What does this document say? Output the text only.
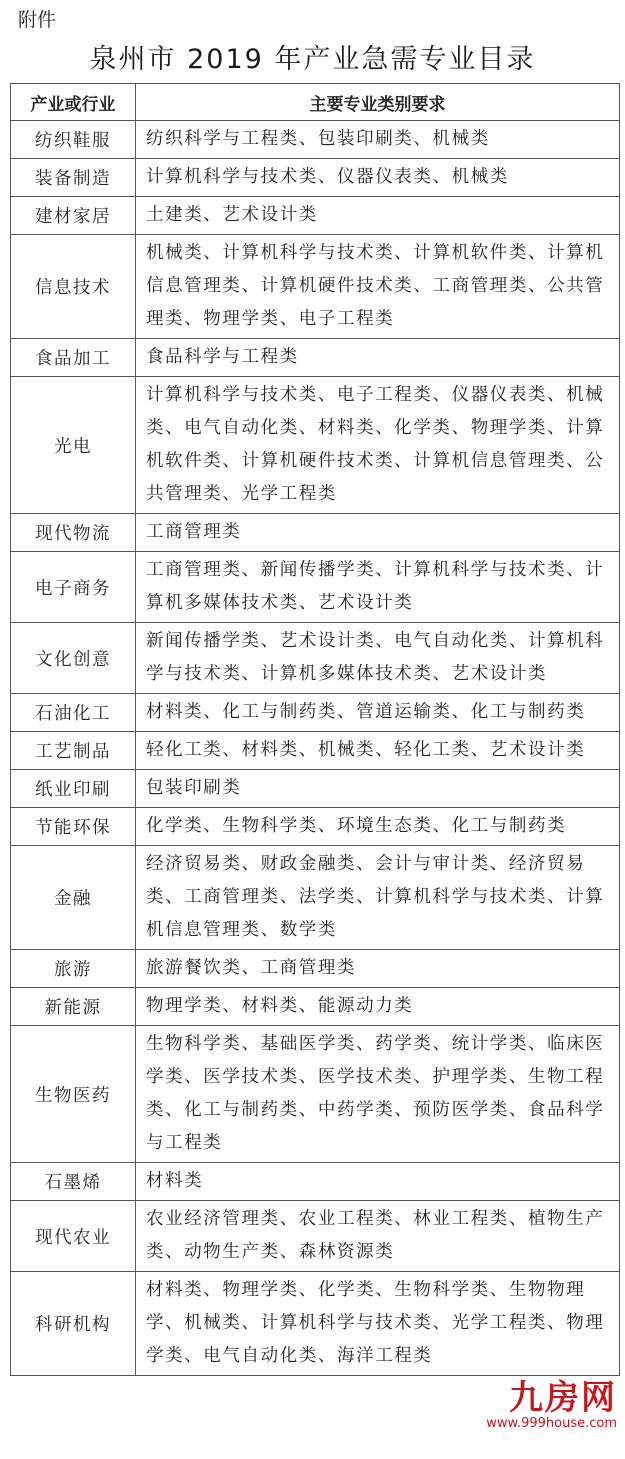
附件
泉州市 2019 年产业急需专业目录
产业或行业	主要专业类别要求
纺织鞋服	纺织科学与工程类、包装印刷类、机械类
装备制造	计算机科学与技术类、仪器仪表类、机械类
建材家居	土建类、艺术设计类
信息技术	机械类、计算机科学与技术类、计算机软件类、计算机信息管理类、计算机硬件技术类、工商管理类、公共管理类、物理学类、电子工程类
食品加工	食品科学与工程类
光电	计算机科学与技术类、电子工程类、仪器仪表类、机械类、电气自动化类、材料类、化学类、物理学类、计算机软件类、计算机硬件技术类、计算机信息管理类、公共管理类、光学工程类
现代物流	工商管理类
电子商务	工商管理类、新闻传播学类、计算机科学与技术类、计算机多媒体技术类、艺术设计类
文化创意	新闻传播学类、艺术设计类、电气自动化类、计算机科学与技术类、计算机多媒体技术类、艺术设计类
石油化工	材料类、化工与制药类、管道运输类、化工与制药类
工艺制品	轻化工类、材料类、机械类、轻化工类、艺术设计类
纸业印刷	包装印刷类
节能环保	化学类、生物科学类、环境生态类、化工与制药类
金融	经济贸易类、财政金融类、会计与审计类、经济贸易类、工商管理类、法学类、计算机科学与技术类、计算机信息管理类、数学类
旅游	旅游餐饮类、工商管理类
新能源	物理学类、材料类、能源动力类
生物医药	生物科学类、基础医学类、药学类、统计学类、临床医学类、医学技术类、医学技术类、护理学类、生物工程类、化工与制药类、中药学类、预防医学类、食品科学与工程类
石墨烯	材料类
现代农业	农业经济管理类、农业工程类、林业工程类、植物生产类、动物生产类、森林资源类
科研机构	材料类、物理学类、化学类、生物科学类、生物物理学、机械类、计算机科学与技术类、光学工程类、物理学类、电气自动化类、海洋工程类
九房网
www.999house.com
